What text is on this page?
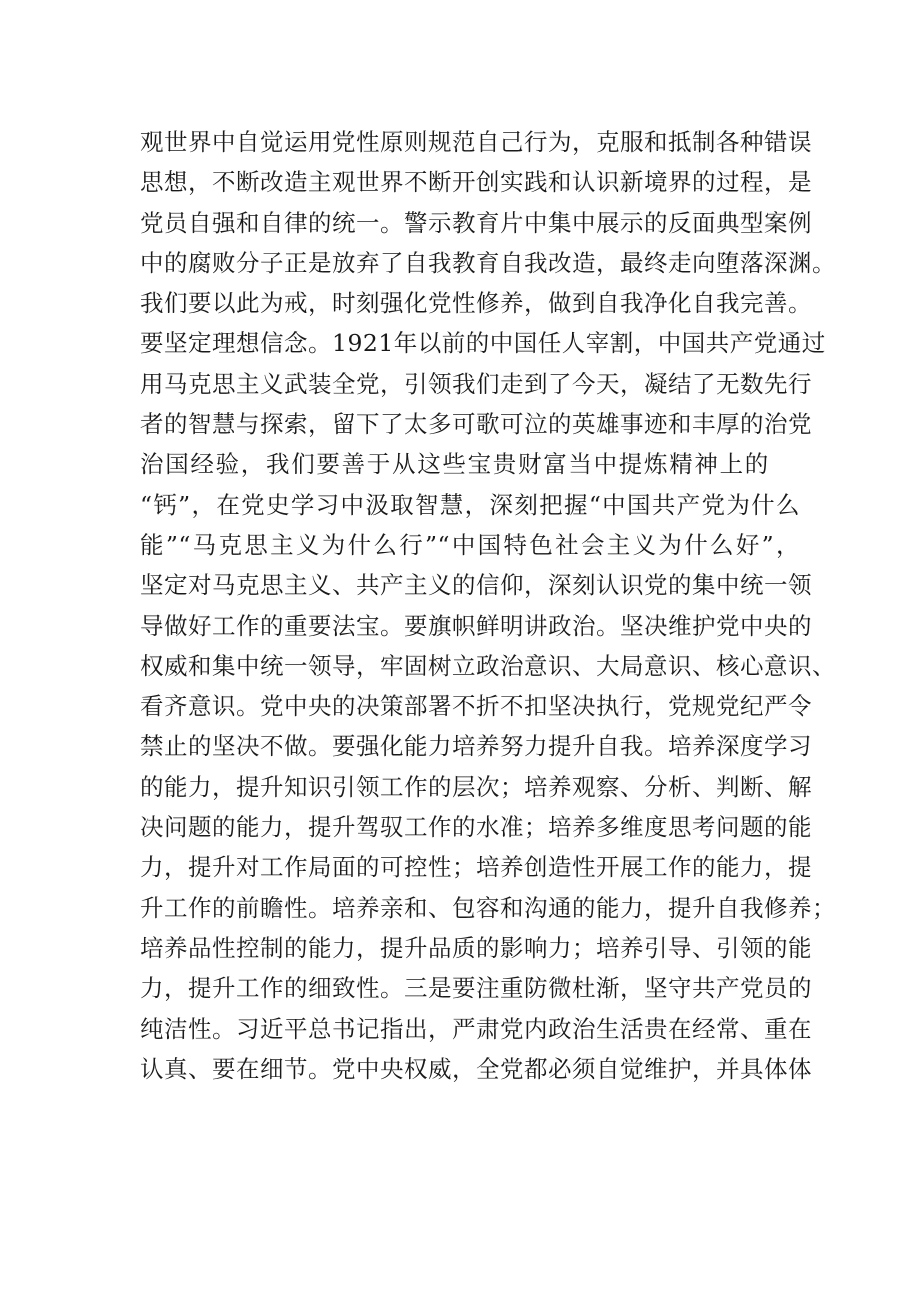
观世界中自觉运用党性原则规范自己行为，克服和抵制各种错误
思想，不断改造主观世界不断开创实践和认识新境界的过程，是
党员自强和自律的统一。警示教育片中集中展示的反面典型案例
中的腐败分子正是放弃了自我教育自我改造，最终走向堕落深渊。
我们要以此为戒，时刻强化党性修养，做到自我净化自我完善。
要坚定理想信念。1921年以前的中国任人宰割，中国共产党通过
用马克思主义武装全党，引领我们走到了今天，凝结了无数先行
者的智慧与探索，留下了太多可歌可泣的英雄事迹和丰厚的治党
治国经验，我们要善于从这些宝贵财富当中提炼精神上的
“钙”，在党史学习中汲取智慧，深刻把握“中国共产党为什么
能”“马克思主义为什么行”“中国特色社会主义为什么好”，
坚定对马克思主义、共产主义的信仰，深刻认识党的集中统一领
导做好工作的重要法宝。要旗帜鲜明讲政治。坚决维护党中央的
权威和集中统一领导，牢固树立政治意识、大局意识、核心意识、
看齐意识。党中央的决策部署不折不扣坚决执行，党规党纪严令
禁止的坚决不做。要强化能力培养努力提升自我。培养深度学习
的能力，提升知识引领工作的层次；培养观察、分析、判断、解
决问题的能力，提升驾驭工作的水准；培养多维度思考问题的能
力，提升对工作局面的可控性；培养创造性开展工作的能力，提
升工作的前瞻性。培养亲和、包容和沟通的能力，提升自我修养；
培养品性控制的能力，提升品质的影响力；培养引导、引领的能
力，提升工作的细致性。三是要注重防微杜渐，坚守共产党员的
纯洁性。习近平总书记指出，严肃党内政治生活贵在经常、重在
认真、要在细节。党中央权威，全党都必须自觉维护，并具体体
